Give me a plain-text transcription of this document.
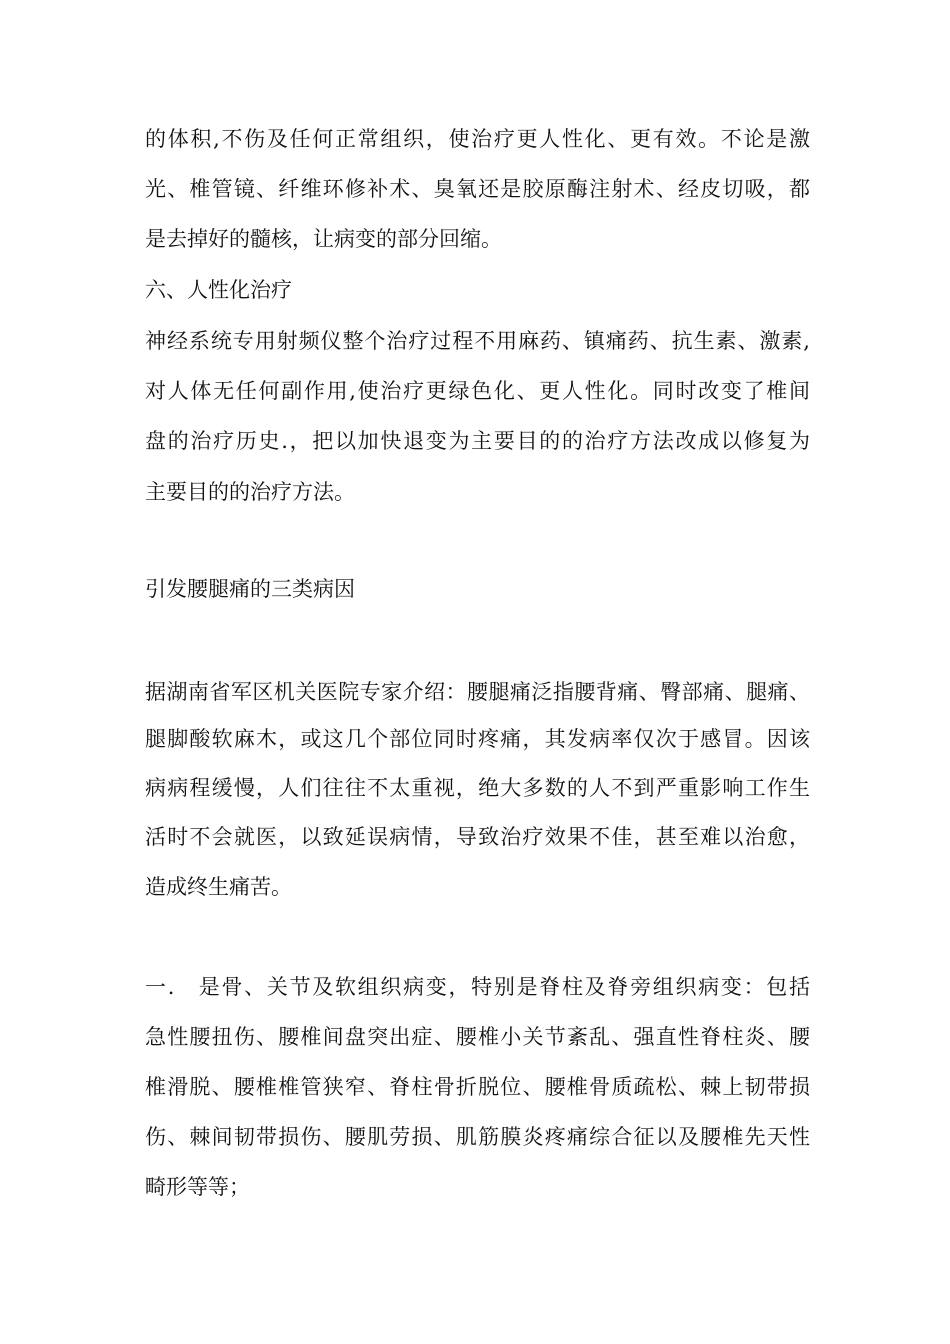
的体积,不伤及任何正常组织，使治疗更人性化、更有效。不论是激
光、椎管镜、纤维环修补术、臭氧还是胶原酶注射术、经皮切吸，都
是去掉好的髓核，让病变的部分回缩。
六、人性化治疗
神经系统专用射频仪整个治疗过程不用麻药、镇痛药、抗生素、激素,
对人体无任何副作用,使治疗更绿色化、更人性化。同时改变了椎间
盘的治疗历史.，把以加快退变为主要目的的治疗方法改成以修复为
主要目的的治疗方法。
引发腰腿痛的三类病因
据湖南省军区机关医院专家介绍：腰腿痛泛指腰背痛、臀部痛、腿痛、
腿脚酸软麻木，或这几个部位同时疼痛，其发病率仅次于感冒。因该
病病程缓慢，人们往往不太重视，绝大多数的人不到严重影响工作生
活时不会就医，以致延误病情，导致治疗效果不佳，甚至难以治愈，
造成终生痛苦。
一.　是骨、关节及软组织病变，特别是脊柱及脊旁组织病变：包括
急性腰扭伤、腰椎间盘突出症、腰椎小关节紊乱、强直性脊柱炎、腰
椎滑脱、腰椎椎管狭窄、脊柱骨折脱位、腰椎骨质疏松、棘上韧带损
伤、棘间韧带损伤、腰肌劳损、肌筋膜炎疼痛综合征以及腰椎先天性
畸形等等；
